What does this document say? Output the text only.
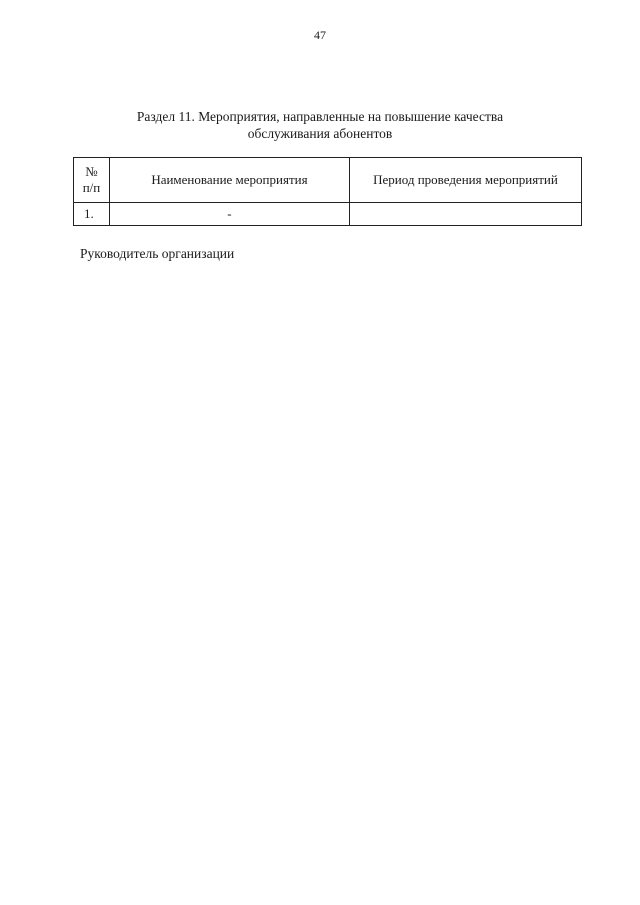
47
Раздел 11. Мероприятия, направленные на повышение качества
обслуживания абонентов
№
п/п	Наименование мероприятия	Период проведения мероприятий
1.	-	
Руководитель организации
